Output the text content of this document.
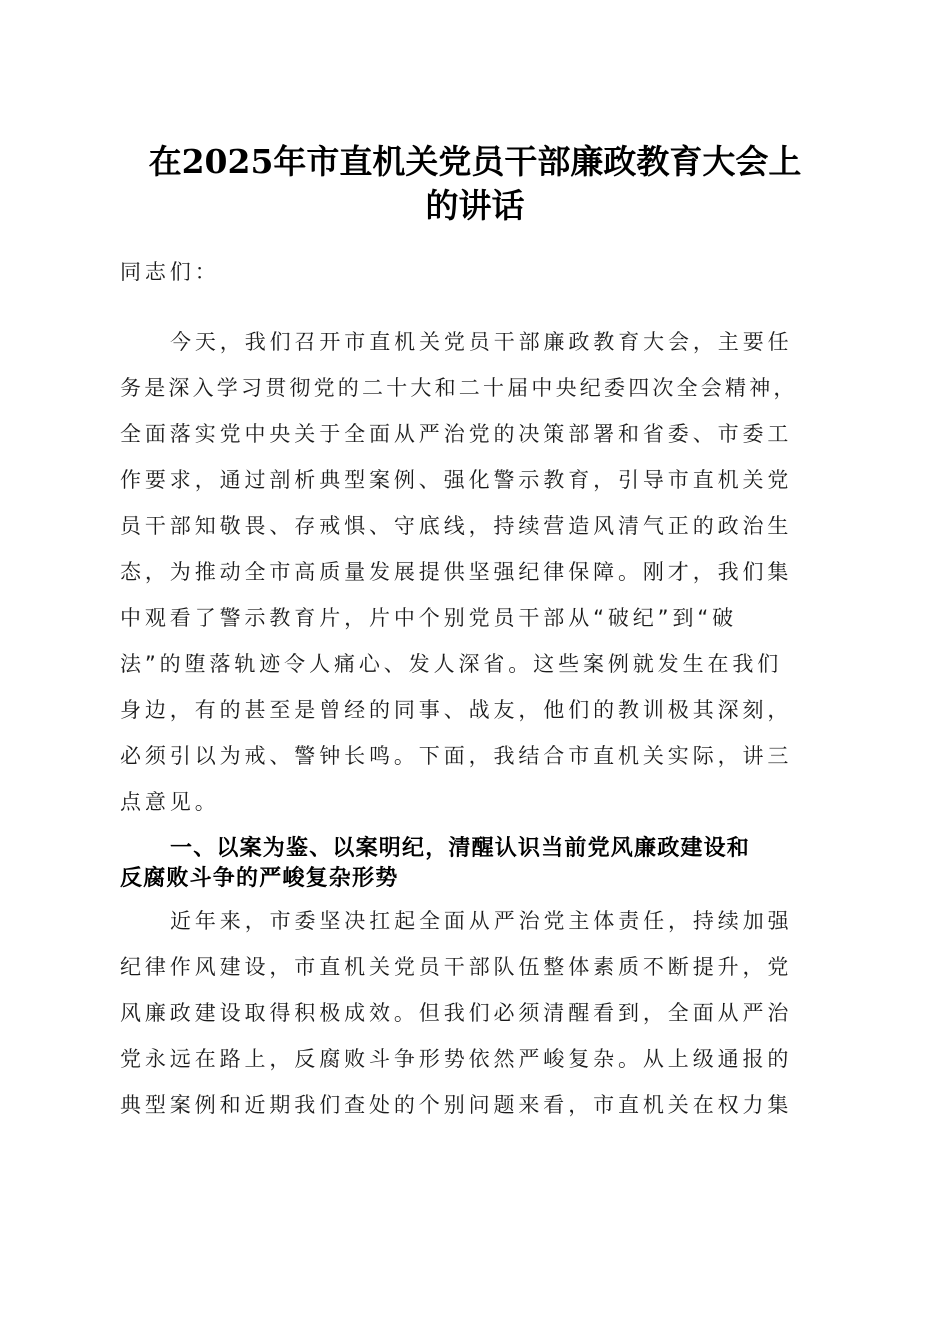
在2025年市直机关党员干部廉政教育大会上
的讲话
同志们：
今天，我们召开市直机关党员干部廉政教育大会，主要任
务是深入学习贯彻党的二十大和二十届中央纪委四次全会精神，
全面落实党中央关于全面从严治党的决策部署和省委、市委工
作要求，通过剖析典型案例、强化警示教育，引导市直机关党
员干部知敬畏、存戒惧、守底线，持续营造风清气正的政治生
态，为推动全市高质量发展提供坚强纪律保障。刚才，我们集
中观看了警示教育片，片中个别党员干部从“破纪”到“破
法”的堕落轨迹令人痛心、发人深省。这些案例就发生在我们
身边，有的甚至是曾经的同事、战友，他们的教训极其深刻，
必须引以为戒、警钟长鸣。下面，我结合市直机关实际，讲三
点意见。
一、以案为鉴、以案明纪，清醒认识当前党风廉政建设和
反腐败斗争的严峻复杂形势
近年来，市委坚决扛起全面从严治党主体责任，持续加强
纪律作风建设，市直机关党员干部队伍整体素质不断提升，党
风廉政建设取得积极成效。但我们必须清醒看到，全面从严治
党永远在路上，反腐败斗争形势依然严峻复杂。从上级通报的
典型案例和近期我们查处的个别问题来看，市直机关在权力集
